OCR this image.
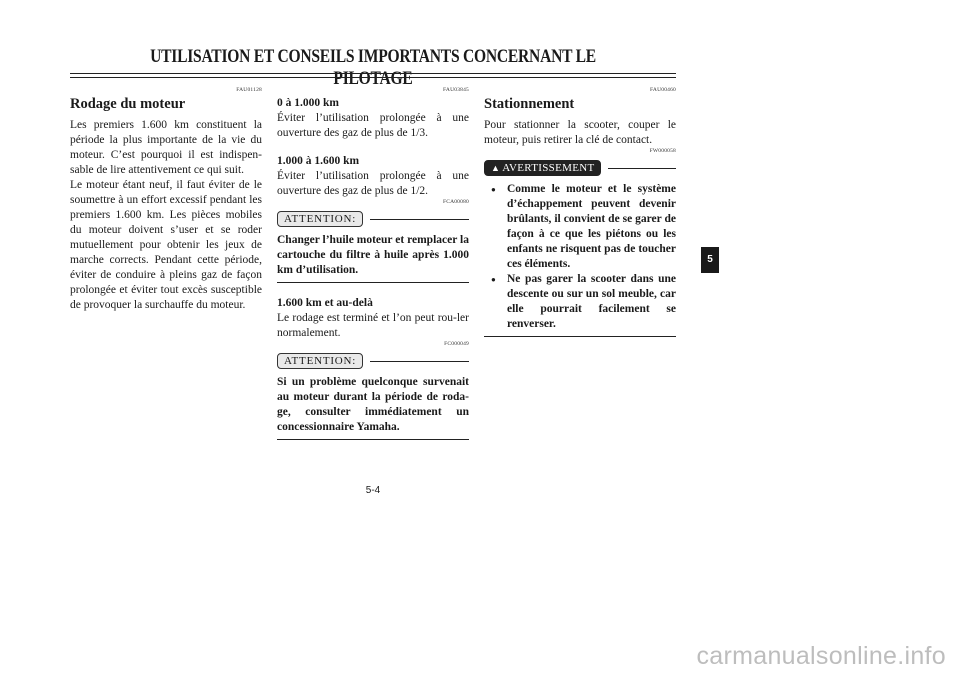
UTILISATION ET CONSEILS IMPORTANTS CONCERNANT LE PILOTAGE
FAU01128
Rodage du moteur

Les premiers 1.600 km constituent la période la plus importante de la vie du moteur. C’est pourquoi il est indispen-sable de lire attentivement ce qui suit.

Le moteur étant neuf, il faut éviter de le soumettre à un effort excessif pendant les premiers 1.600 km. Les pièces mobiles du moteur doivent s’user et se roder mutuellement pour obtenir les jeux de marche corrects. Pendant cette période, éviter de conduire à pleins gaz de façon prolongée et éviter tout excès susceptible de provoquer la surchauffe du moteur.

FAU03845
0 à 1.000 km

Éviter l’utilisation prolongée à une ouverture des gaz de plus de 1/3.

1.000 à 1.600 km

Éviter l’utilisation prolongée à une ouverture des gaz de plus de 1/2.

FCA00080
ATTENTION:

Changer l’huile moteur et remplacer la cartouche du filtre à huile après 1.000 km d’utilisation.

1.600 km et au-delà

Le rodage est terminé et l’on peut rou-ler normalement.

FC000049
ATTENTION:

Si un problème quelconque survenait au moteur durant la période de roda-ge, consulter immédiatement un concessionnaire Yamaha.

FAU00460
Stationnement

Pour stationner la scooter, couper le moteur, puis retirer la clé de contact.

FW000058
▲ AVERTISSEMENT
● Comme le moteur et le système d’échappement peuvent devenir brûlants, il convient de se garer de façon à ce que les piétons ou les enfants ne risquent pas de toucher ces éléments.
● Ne pas garer la scooter dans une descente ou sur un sol meuble, car elle pourrait facilement se renverser.
5-4
5
carmanualsonline.info
